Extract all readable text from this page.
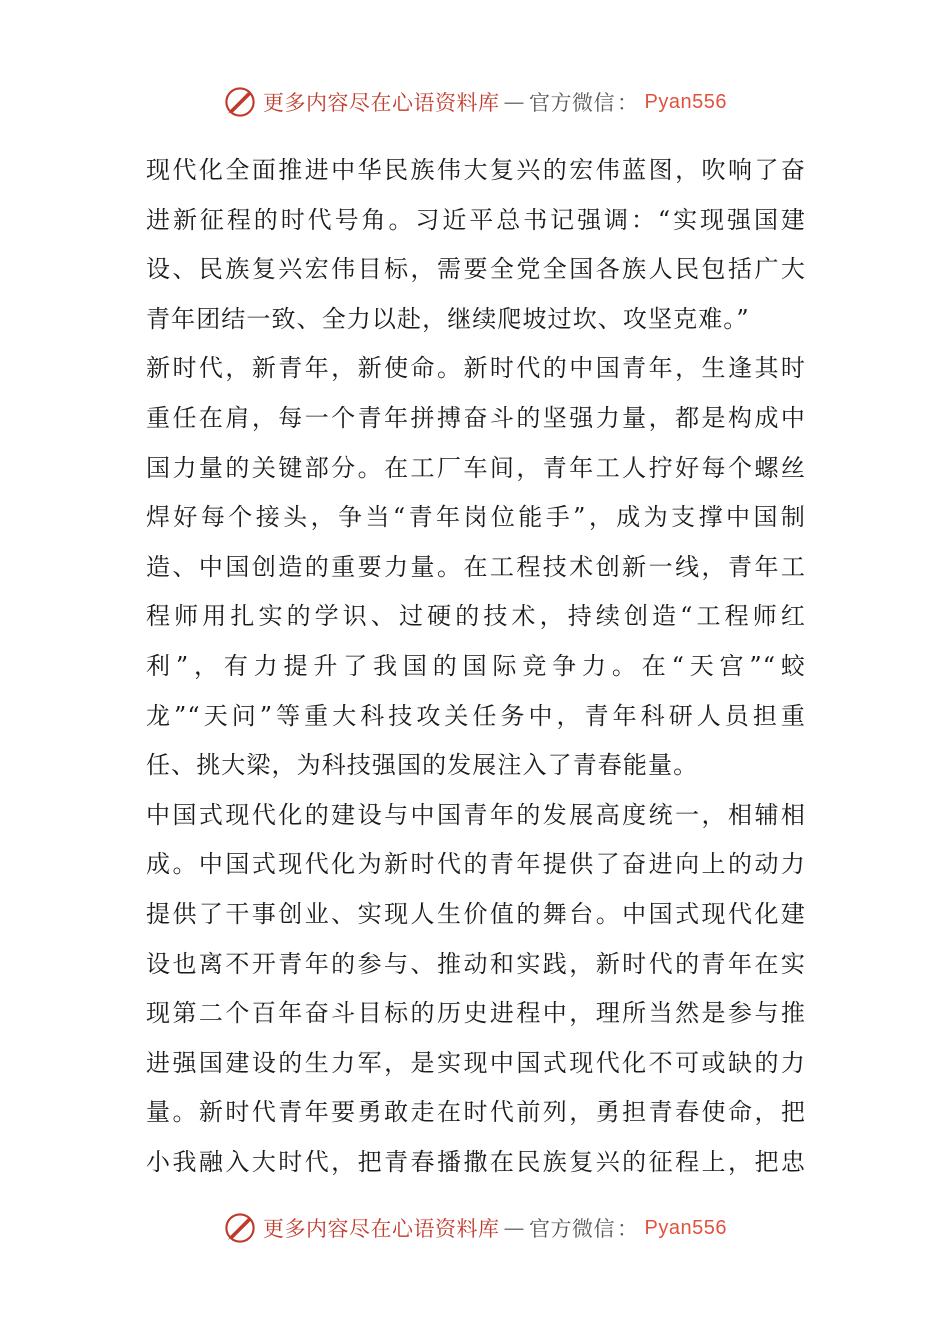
更多内容尽在心语资料库 — 官方微信 ： Pyan556
现代化全面推进中华民族伟大复兴的宏伟蓝图，吹响了奋
进新征程的时代号角。习近平总书记强调：“实现强国建
设、民族复兴宏伟目标，需要全党全国各族人民包括广大
青年团结一致、全力以赴，继续爬坡过坎、攻坚克难。”
新时代，新青年，新使命。新时代的中国青年，生逢其时
重任在肩，每一个青年拼搏奋斗的坚强力量，都是构成中
国力量的关键部分。在工厂车间，青年工人拧好每个螺丝
焊好每个接头，争当“青年岗位能手”，成为支撑中国制
造、中国创造的重要力量。在工程技术创新一线，青年工
程师用扎实的学识、过硬的技术，持续创造“工程师红
利”，有力提升了我国的国际竞争力。在“天宫”“蛟
龙”“天问”等重大科技攻关任务中，青年科研人员担重
任、挑大梁，为科技强国的发展注入了青春能量。
中国式现代化的建设与中国青年的发展高度统一，相辅相
成。中国式现代化为新时代的青年提供了奋进向上的动力
提供了干事创业、实现人生价值的舞台。中国式现代化建
设也离不开青年的参与、推动和实践，新时代的青年在实
现第二个百年奋斗目标的历史进程中，理所当然是参与推
进强国建设的生力军，是实现中国式现代化不可或缺的力
量。新时代青年要勇敢走在时代前列，勇担青春使命，把
小我融入大时代，把青春播撒在民族复兴的征程上，把忠
更多内容尽在心语资料库 — 官方微信 ： Pyan556
